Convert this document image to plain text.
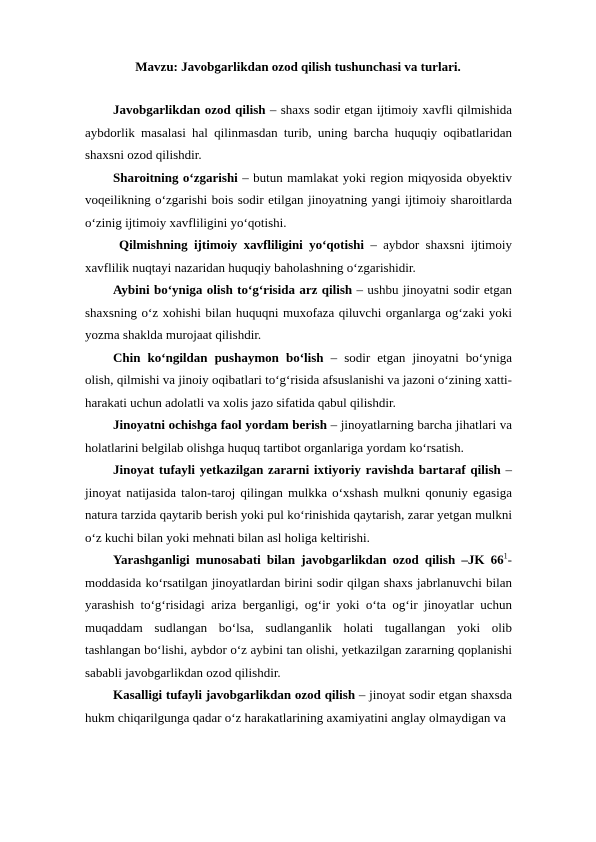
Mavzu: Javobgarlikdan ozod qilish tushunchasi va turlari.

Javobgarlikdan ozod qilish – shaxs sodir etgan ijtimoiy xavfli qilmishida aybdorlik masalasi hal qilinmasdan turib, uning barcha huquqiy oqibatlaridan shaxsni ozod qilishdir.

Sharoitning o‘zgarishi – butun mamlakat yoki region miqyosida obyektiv voqeilikning o‘zgarishi bois sodir etilgan jinoyatning yangi ijtimoiy sharoitlarda o‘zinig ijtimoiy xavfliligini yo‘qotishi.

Qilmishning ijtimoiy xavfliligini yo‘qotishi – aybdor shaxsni ijtimoiy xavflilik nuqtayi nazaridan huquqiy baholashning o‘zgarishidir.

Aybini bo‘yniga olish to‘g‘risida arz qilish – ushbu jinoyatni sodir etgan shaxsning o‘z xohishi bilan huquqni muxofaza qiluvchi organlarga og‘zaki yoki yozma shaklda murojaat qilishdir.

Chin ko‘ngildan pushaymon bo‘lish – sodir etgan jinoyatni bo‘yniga olish, qilmishi va jinoiy oqibatlari to‘g‘risida afsuslanishi va jazoni o‘zining xatti-harakati uchun adolatli va xolis jazo sifatida qabul qilishdir.

Jinoyatni ochishga faol yordam berish – jinoyatlarning barcha jihatlari va holatlarini belgilab olishga huquq tartibot organlariga yordam ko‘rsatish.

Jinoyat tufayli yetkazilgan zararni ixtiyoriy ravishda bartaraf qilish – jinoyat natijasida talon-taroj qilingan mulkka o‘xshash mulkni qonuniy egasiga natura tarzida qaytarib berish yoki pul ko‘rinishida qaytarish, zarar yetgan mulkni o‘z kuchi bilan yoki mehnati bilan asl holiga keltirishi.

Yarashganligi munosabati bilan javobgarlikdan ozod qilish –JK $66^1$-moddasida ko‘rsatilgan jinoyatlardan birini sodir qilgan shaxs jabrlanuvchi bilan yarashish to‘g‘risidagi ariza berganligi, og‘ir yoki o‘ta og‘ir jinoyatlar uchun muqaddam sudlangan bo‘lsa, sudlanganlik holati tugallangan yoki olib tashlangan bo‘lishi, aybdor o‘z aybini tan olishi, yetkazilgan zararning qoplanishi sababli javobgarlikdan ozod qilishdir.

Kasalligi tufayli javobgarlikdan ozod qilish – jinoyat sodir etgan shaxsda hukm chiqarilgunga qadar o‘z harakatlarining axamiyatini anglay olmaydigan va
